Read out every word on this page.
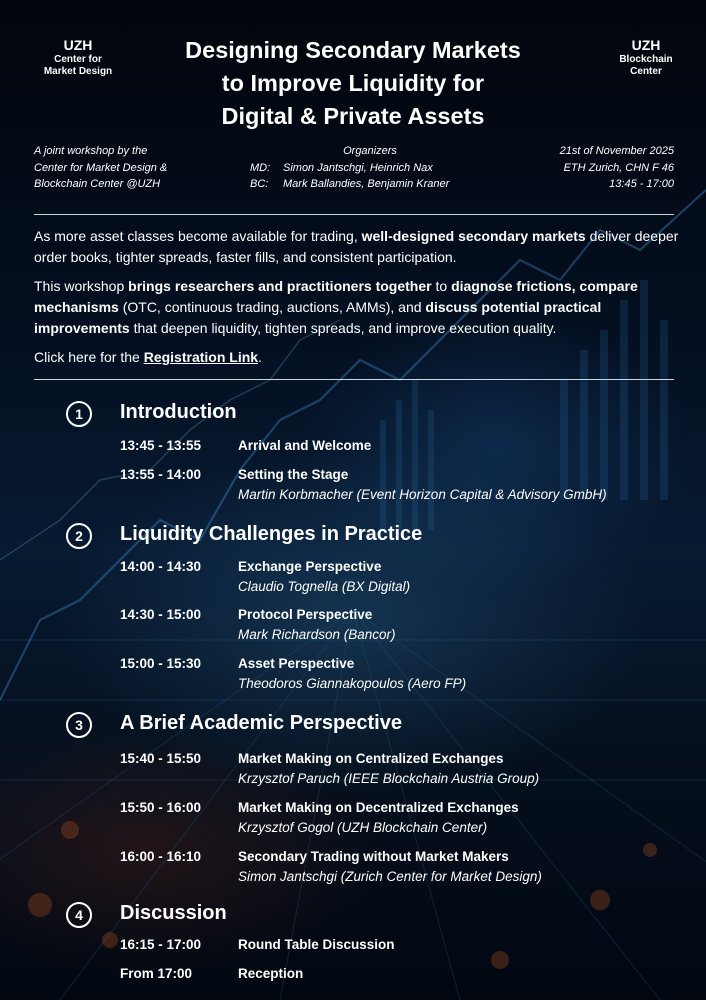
UZH
Center for
Market Design
UZH
Blockchain
Center
Designing Secondary Markets
to Improve Liquidity for
Digital & Private Assets
A joint workshop by the
Center for Market Design &
Blockchain Center @UZH
Organizers
MD: Simon Jantschgi, Heinrich Nax
BC: Mark Ballandies, Benjamin Kraner
21st of November 2025
ETH Zurich, CHN F 46
13:45 - 17:00
As more asset classes become available for trading, well-designed secondary markets deliver deeper order books, tighter spreads, faster fills, and consistent participation.
This workshop brings researchers and practitioners together to diagnose frictions, compare mechanisms (OTC, continuous trading, auctions, AMMs), and discuss potential practical improvements that deepen liquidity, tighten spreads, and improve execution quality.
Click here for the Registration Link.
1	Introduction
13:45 - 13:55	Arrival and Welcome
13:55 - 14:00	Setting the Stage
Martin Korbmacher (Event Horizon Capital & Advisory GmbH)
2	Liquidity Challenges in Practice
14:00 - 14:30	Exchange Perspective
Claudio Tognella (BX Digital)
14:30 - 15:00	Protocol Perspective
Mark Richardson (Bancor)
15:00 - 15:30	Asset Perspective
Theodoros Giannakopoulos (Aero FP)
3	A Brief Academic Perspective
15:40 - 15:50	Market Making on Centralized Exchanges
Krzysztof Paruch (IEEE Blockchain Austria Group)
15:50 - 16:00	Market Making on Decentralized Exchanges
Krzysztof Gogol (UZH Blockchain Center)
16:00 - 16:10	Secondary Trading without Market Makers
Simon Jantschgi (Zurich Center for Market Design)
4	Discussion
16:15 - 17:00	Round Table Discussion
From 17:00	Reception
